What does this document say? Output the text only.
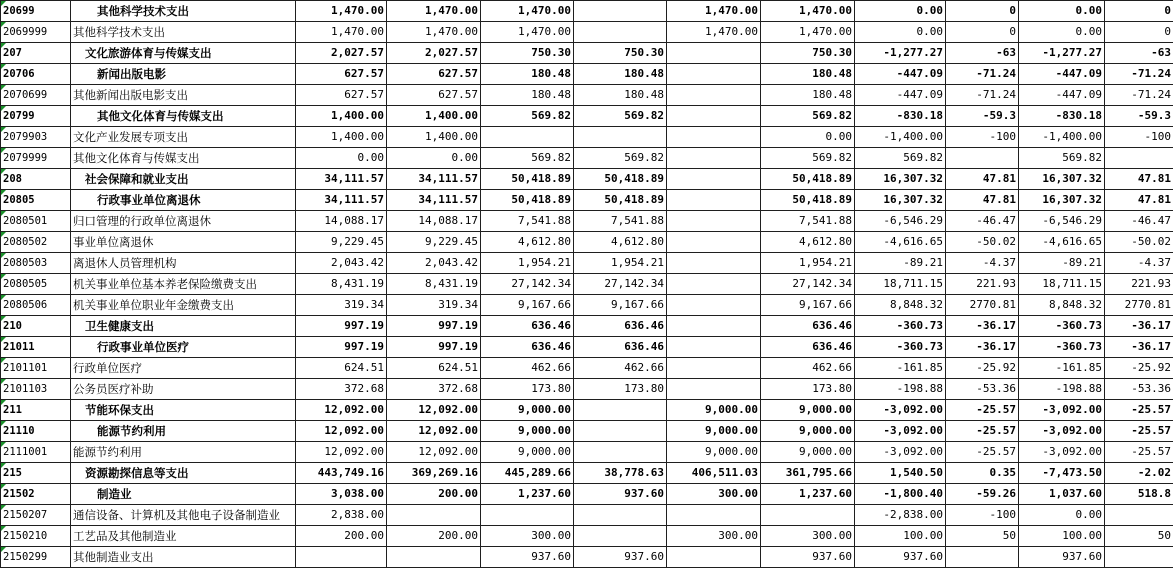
20699	其他科学技术支出	1,470.00	1,470.00	1,470.00		1,470.00	1,470.00	0.00	0	0.00	0

2069999	其他科学技术支出	1,470.00	1,470.00	1,470.00		1,470.00	1,470.00	0.00	0	0.00	0

207	文化旅游体育与传媒支出	2,027.57	2,027.57	750.30	750.30		750.30	-1,277.27	-63	-1,277.27	-63

20706	新闻出版电影	627.57	627.57	180.48	180.48		180.48	-447.09	-71.24	-447.09	-71.24

2070699	其他新闻出版电影支出	627.57	627.57	180.48	180.48		180.48	-447.09	-71.24	-447.09	-71.24

20799	其他文化体育与传媒支出	1,400.00	1,400.00	569.82	569.82		569.82	-830.18	-59.3	-830.18	-59.3

2079903	文化产业发展专项支出	1,400.00	1,400.00				0.00	-1,400.00	-100	-1,400.00	-100

2079999	其他文化体育与传媒支出	0.00	0.00	569.82	569.82		569.82	569.82		569.82	

208	社会保障和就业支出	34,111.57	34,111.57	50,418.89	50,418.89		50,418.89	16,307.32	47.81	16,307.32	47.81

20805	行政事业单位离退休	34,111.57	34,111.57	50,418.89	50,418.89		50,418.89	16,307.32	47.81	16,307.32	47.81

2080501	归口管理的行政单位离退休	14,088.17	14,088.17	7,541.88	7,541.88		7,541.88	-6,546.29	-46.47	-6,546.29	-46.47

2080502	事业单位离退休	9,229.45	9,229.45	4,612.80	4,612.80		4,612.80	-4,616.65	-50.02	-4,616.65	-50.02

2080503	离退休人员管理机构	2,043.42	2,043.42	1,954.21	1,954.21		1,954.21	-89.21	-4.37	-89.21	-4.37

2080505	机关事业单位基本养老保险缴费支出	8,431.19	8,431.19	27,142.34	27,142.34		27,142.34	18,711.15	221.93	18,711.15	221.93

2080506	机关事业单位职业年金缴费支出	319.34	319.34	9,167.66	9,167.66		9,167.66	8,848.32	2770.81	8,848.32	2770.81

210	卫生健康支出	997.19	997.19	636.46	636.46		636.46	-360.73	-36.17	-360.73	-36.17

21011	行政事业单位医疗	997.19	997.19	636.46	636.46		636.46	-360.73	-36.17	-360.73	-36.17

2101101	行政单位医疗	624.51	624.51	462.66	462.66		462.66	-161.85	-25.92	-161.85	-25.92

2101103	公务员医疗补助	372.68	372.68	173.80	173.80		173.80	-198.88	-53.36	-198.88	-53.36

211	节能环保支出	12,092.00	12,092.00	9,000.00		9,000.00	9,000.00	-3,092.00	-25.57	-3,092.00	-25.57

21110	能源节约利用	12,092.00	12,092.00	9,000.00		9,000.00	9,000.00	-3,092.00	-25.57	-3,092.00	-25.57

2111001	能源节约利用	12,092.00	12,092.00	9,000.00		9,000.00	9,000.00	-3,092.00	-25.57	-3,092.00	-25.57

215	资源勘探信息等支出	443,749.16	369,269.16	445,289.66	38,778.63	406,511.03	361,795.66	1,540.50	0.35	-7,473.50	-2.02

21502	制造业	3,038.00	200.00	1,237.60	937.60	300.00	1,237.60	-1,800.40	-59.26	1,037.60	518.8

2150207	通信设备、计算机及其他电子设备制造业	2,838.00						-2,838.00	-100	0.00	

2150210	工艺品及其他制造业	200.00	200.00	300.00		300.00	300.00	100.00	50	100.00	50

2150299	其他制造业支出			937.60	937.60		937.60	937.60		937.60	
